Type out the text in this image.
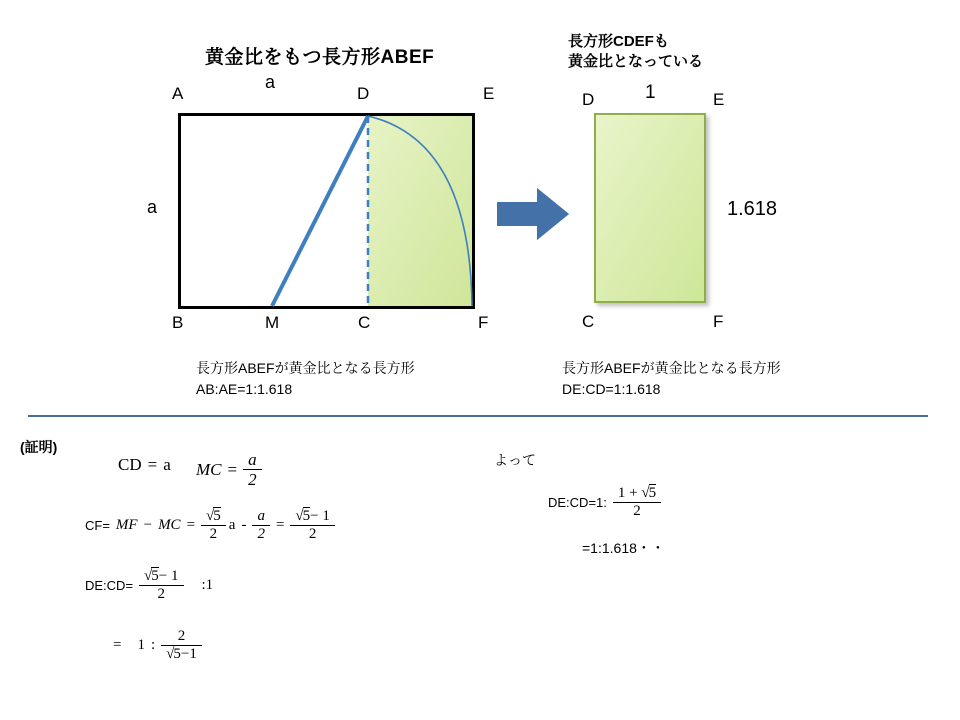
黄金比をもつ長方形ABEF
長方形CDEFも
黄金比となっている
A	D	E
B	M	C	F
a
a
D	E
C	F
1
1.618
長方形ABEFが黄金比となる長方形
AB:AE=1:1.618
長方形ABEFが黄金比となる長方形
DE:CD=1:1.618
(証明)
CD = a MC = $\frac{a}{2}$
CF= MF − MC = $\frac{√5}{2}$ $a - \frac{a}{2} = \frac{√5- 1}{2}$
DE:CD= $\frac{√5- 1}{2}$ :1
= 1 : $\frac{2}{√5-1}$
よって
DE:CD=1: $\frac{1 + √5}{2}$
=1:1.618・・
